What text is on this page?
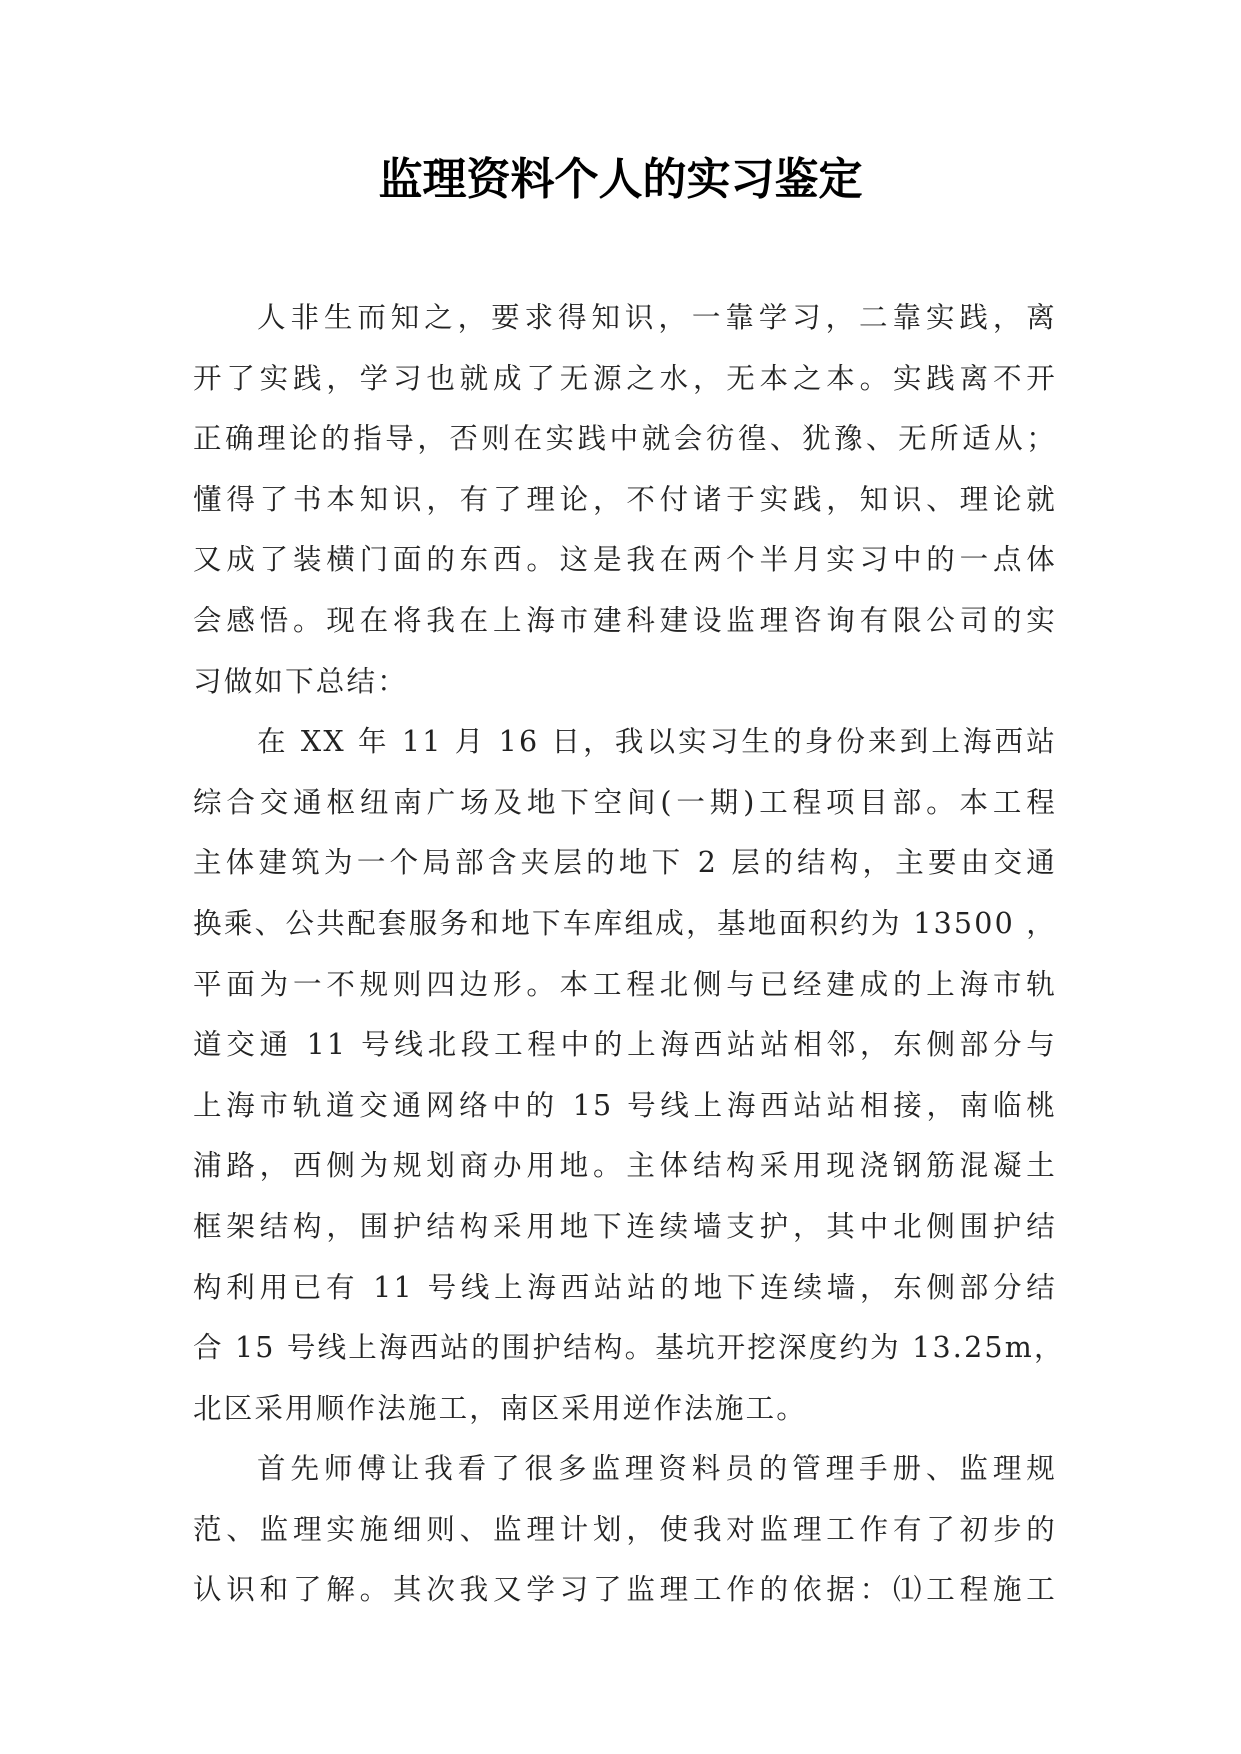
监理资料个人的实习鉴定
人非生而知之，要求得知识，一靠学习，二靠实践，离
开了实践，学习也就成了无源之水，无本之本。实践离不开
正确理论的指导，否则在实践中就会彷徨、犹豫、无所适从；
懂得了书本知识，有了理论，不付诸于实践，知识、理论就
又成了装横门面的东西。这是我在两个半月实习中的一点体
会感悟。现在将我在上海市建科建设监理咨询有限公司的实
习做如下总结：
在 XX 年 11 月 16 日，我以实习生的身份来到上海西站
综合交通枢纽南广场及地下空间(一期)工程项目部。本工程
主体建筑为一个局部含夹层的地下 2 层的结构，主要由交通
换乘、公共配套服务和地下车库组成，基地面积约为 13500 ，
平面为一不规则四边形。本工程北侧与已经建成的上海市轨
道交通 11 号线北段工程中的上海西站站相邻，东侧部分与
上海市轨道交通网络中的 15 号线上海西站站相接，南临桃
浦路，西侧为规划商办用地。主体结构采用现浇钢筋混凝土
框架结构，围护结构采用地下连续墙支护，其中北侧围护结
构利用已有 11 号线上海西站站的地下连续墙，东侧部分结
合 15 号线上海西站的围护结构。基坑开挖深度约为 13.25m，
北区采用顺作法施工，南区采用逆作法施工。
首先师傅让我看了很多监理资料员的管理手册、监理规
范、监理实施细则、监理计划，使我对监理工作有了初步的
认识和了解。其次我又学习了监理工作的依据：⑴工程施工
